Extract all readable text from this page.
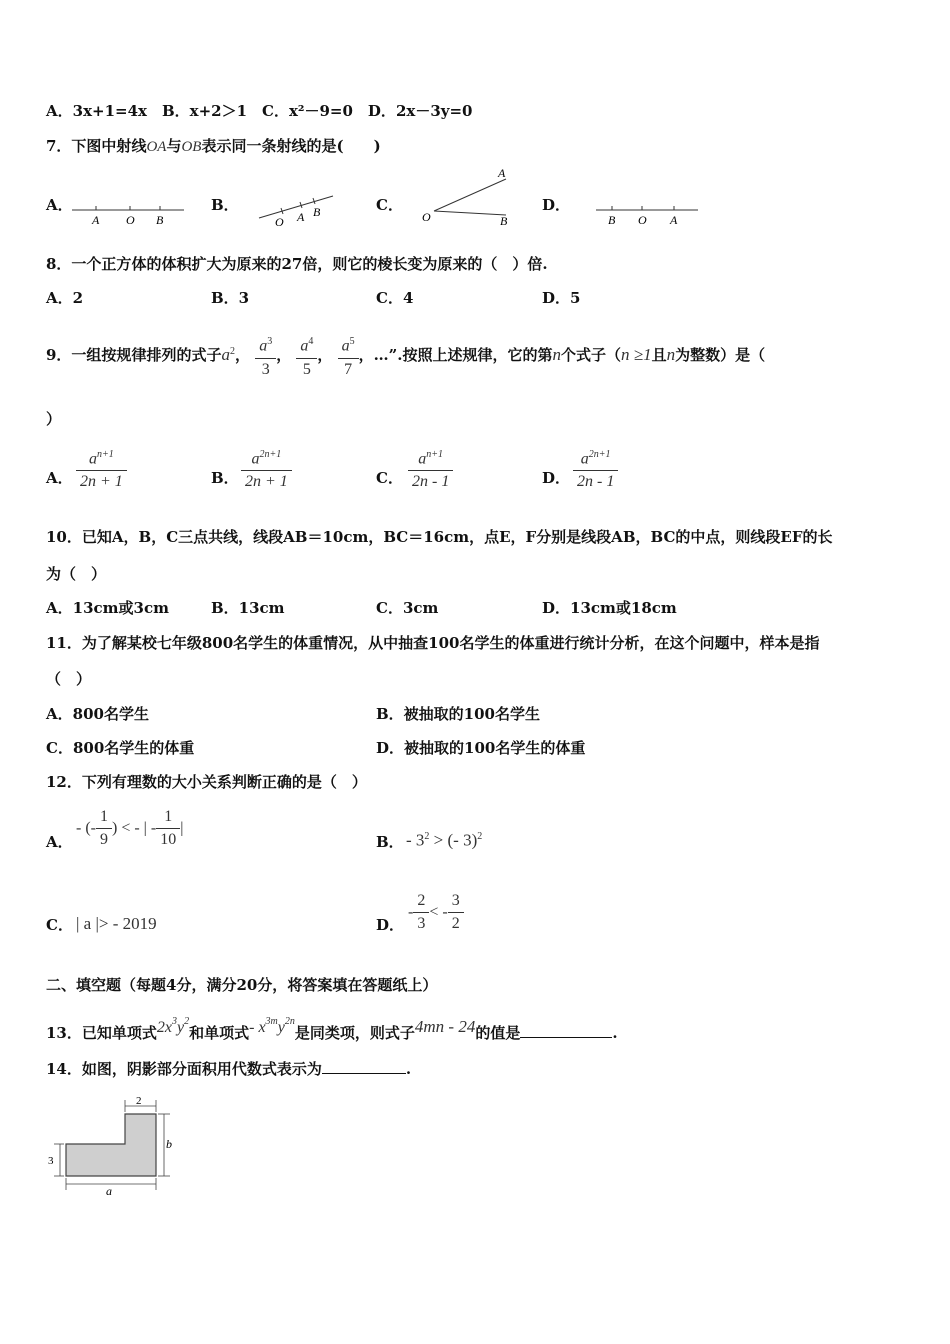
A．3x+1=4x　B．x+2＞1　C．x²－9=0　D．2x－3y=0
7．下图中射线OA与OB表示同一条射线的是(　　)
A．
A O B
B．
O A B	C．
A
O	B
D．
B O A
8．一个正方体的体积扩大为原来的27倍，则它的棱长变为原来的（　）倍.
A．2	B．3	C．4	D．5
9．一组按规律排列的式子$a^2$， $\frac{a^3}{3}$ ， $\frac{a^4}{5}$ ， $\frac{a^5}{7}$ ，…”.按照上述规律，它的第n个式子（n ≥1且n为整数）是（
）
A． $\frac{a^{n+1}}{2n + 1}$	B． $\frac{a^{2n+1}}{2n + 1}$	C． $\frac{a^{n+1}}{2n - 1}$	D． $\frac{a^{2n+1}}{2n - 1}$
10．已知A，B，C三点共线，线段AB＝10cm，BC＝16cm，点E，F分别是线段AB，BC的中点，则线段EF的长
为（　）
A．13cm或3cm	B．13cm	C．3cm	D．13cm或18cm
11．为了解某校七年级800名学生的体重情况，从中抽查100名学生的体重进行统计分析，在这个问题中，样本是指
（　）
A．800名学生	B．被抽取的100名学生
C．800名学生的体重	D．被抽取的100名学生的体重
12．下列有理数的大小关系判断正确的是（　）
A．
- (- $\frac{1}{9}$ ) < - | - $\frac{1}{10}$ |
B． - $3^2$ > (- 3)$^2$
C． | a |> - 2019	D．
- $\frac{2}{3}$ < - $\frac{3}{2}$
二、填空题（每题4分，满分20分，将答案填在答题纸上）
13．已知单项式$2x^3y^2$和单项式- $x^{3m}y^{2n}$是同类项，则式子4mn - 24的值是	.
14．如图，阴影部分面积用代数式表示为	.
2
b
3
a
